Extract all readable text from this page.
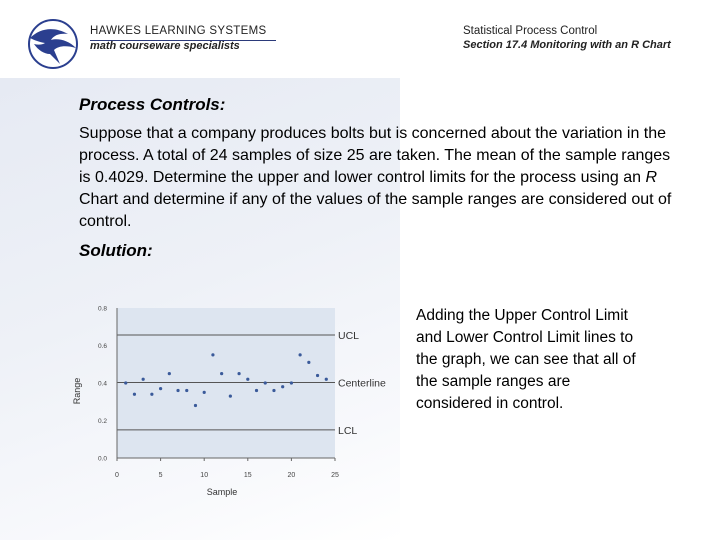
HAWKES LEARNING SYSTEMS
math courseware specialists
Statistical Process Control
Section 17.4 Monitoring with an R Chart
Process Controls:
Suppose that a company produces bolts but is concerned about the variation in the process. A total of 24 samples of size 25 are taken. The mean of the sample ranges is 0.4029. Determine the upper and lower control limits for the process using an R Chart and determine if any of the values of the sample ranges are considered out of control.
Solution:
UCL
Centerline
LCL
0.0
0.2
0.4
0.6
0.8
0	5	10	15	20	25
Sample
Range
Adding the Upper Control Limit and Lower Control Limit lines to the graph, we can see that all of the sample ranges are considered in control.
